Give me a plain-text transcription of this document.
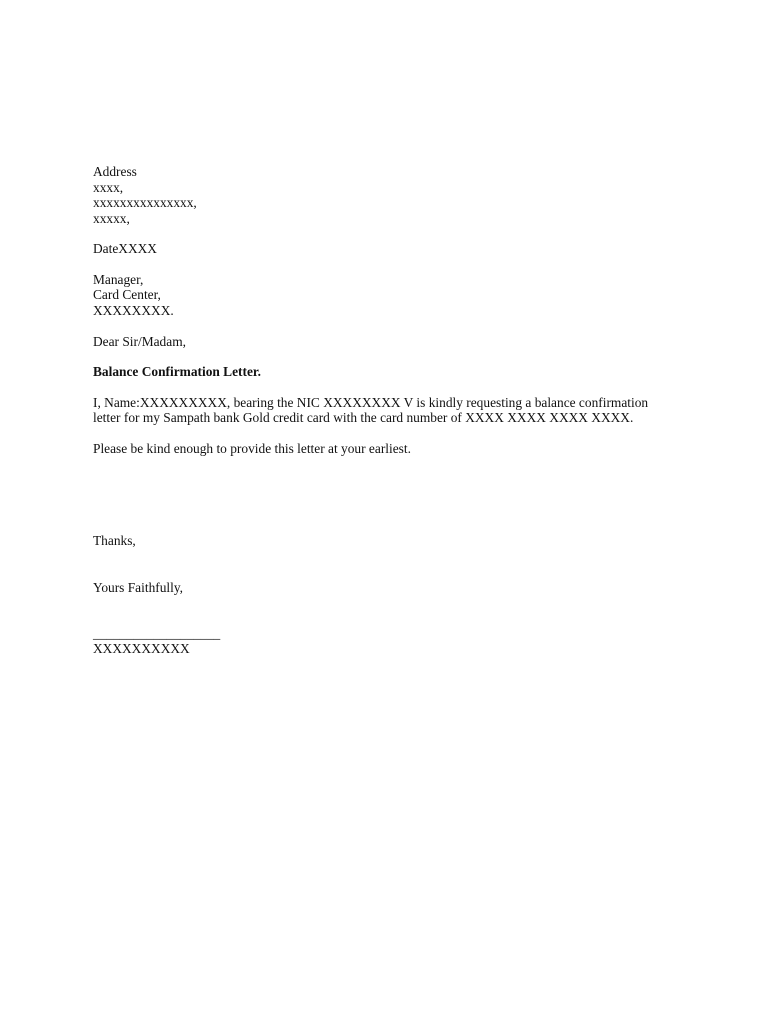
Address
xxxx,
xxxxxxxxxxxxxxx,
xxxxx,
DateXXXX
Manager,
Card Center,
XXXXXXXX.
Dear Sir/Madam,
Balance Confirmation Letter.
I, Name:XXXXXXXXX, bearing the NIC XXXXXXXX V is kindly requesting a balance confirmation
letter for my Sampath bank Gold credit card with the card number of XXXX XXXX XXXX XXXX.
Please be kind enough to provide this letter at your earliest.
Thanks,
Yours Faithfully,
___________________
XXXXXXXXXX
